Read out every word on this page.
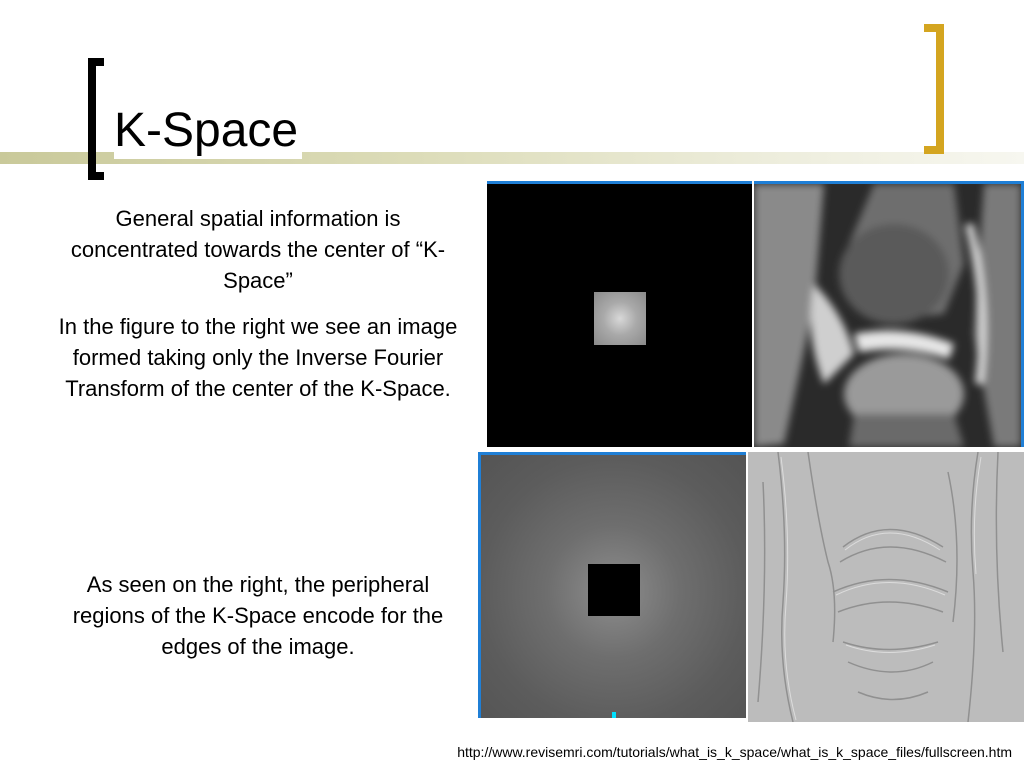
K-Space

General spatial information is concentrated towards the center of “K-Space”

In the figure to the right we see an image formed taking only the Inverse Fourier Transform of the center of the K-Space.

As seen on the right, the peripheral regions of the K-Space encode for the edges of the image.

http://www.revisemri.com/tutorials/what_is_k_space/what_is_k_space_files/fullscreen.htm
